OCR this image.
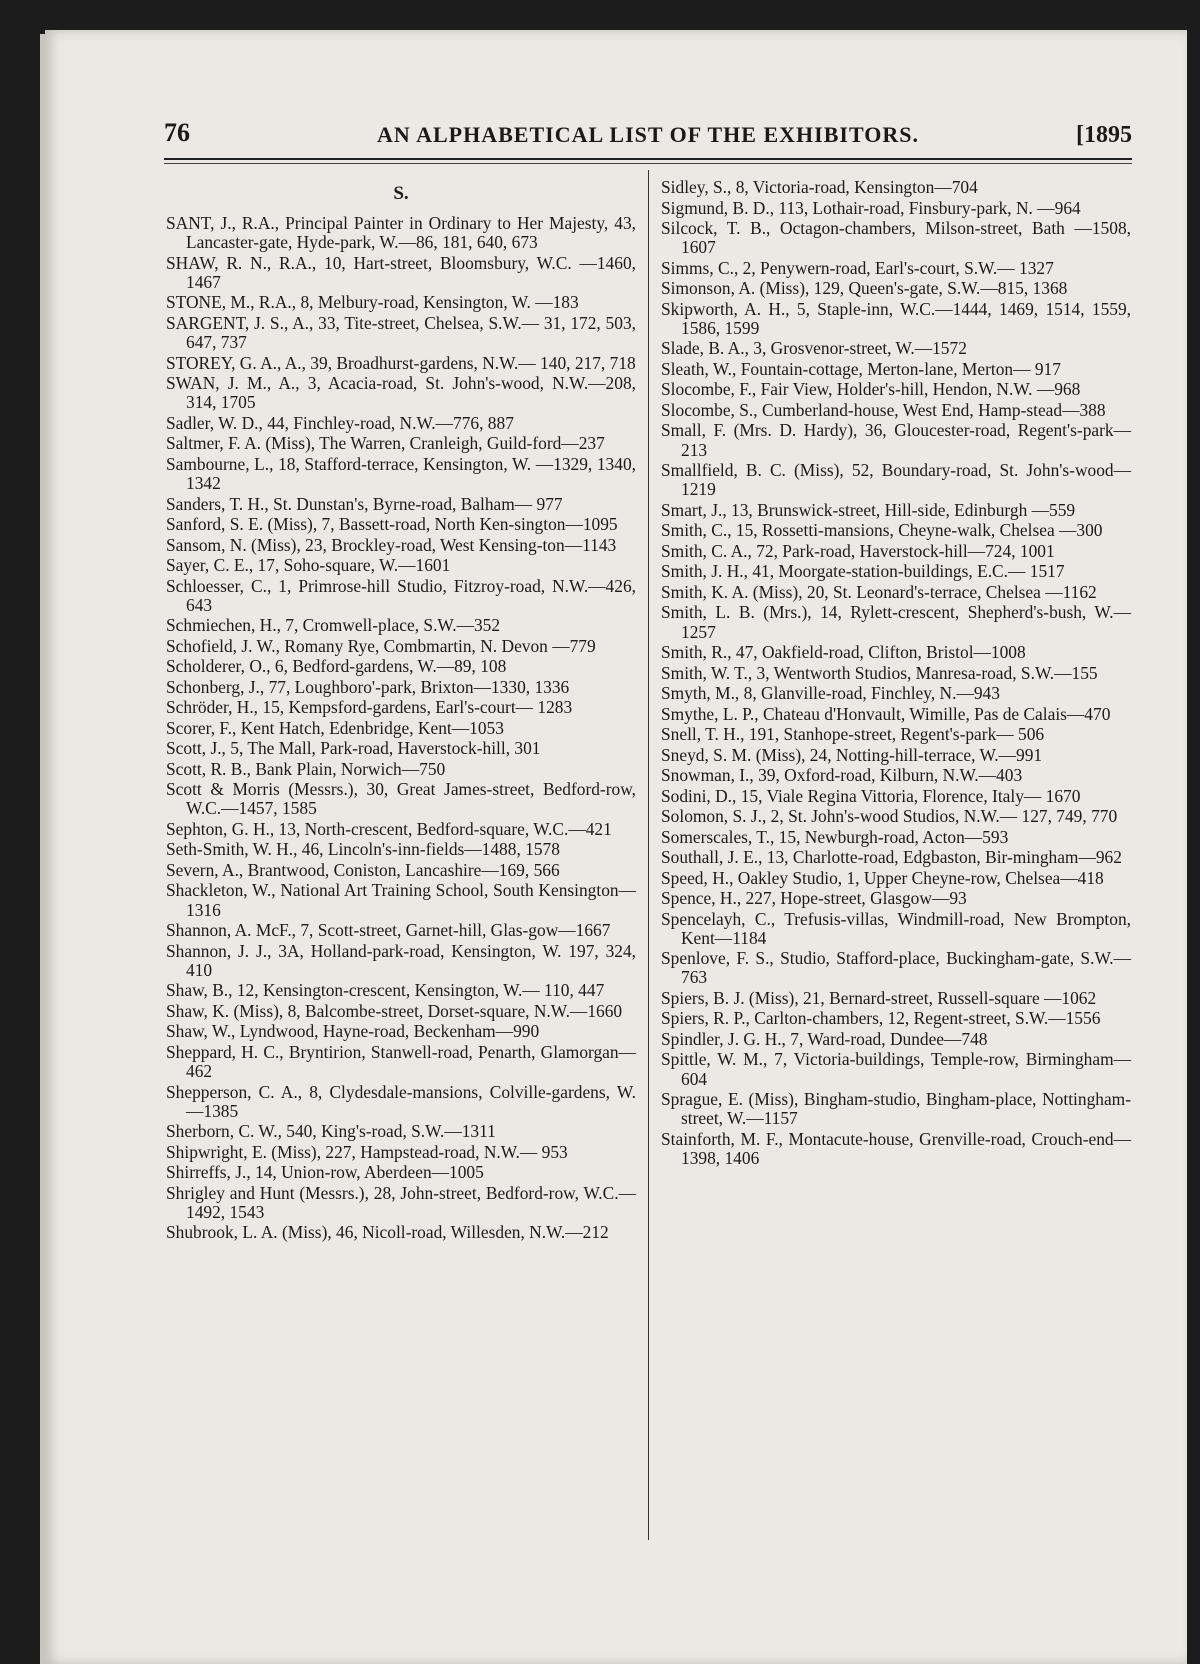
76	AN ALPHABETICAL LIST OF THE EXHIBITORS.	[1895
S.

SANT, J., R.A., Principal Painter in Ordinary to Her Majesty, 43, Lancaster-gate, Hyde-park, W.—86, 181, 640, 673

SHAW, R. N., R.A., 10, Hart-street, Bloomsbury, W.C. —1460, 1467

STONE, M., R.A., 8, Melbury-road, Kensington, W. —183

SARGENT, J. S., A., 33, Tite-street, Chelsea, S.W.— 31, 172, 503, 647, 737

STOREY, G. A., A., 39, Broadhurst-gardens, N.W.— 140, 217, 718

SWAN, J. M., A., 3, Acacia-road, St. John's-wood, N.W.—208, 314, 1705

Sadler, W. D., 44, Finchley-road, N.W.—776, 887

Saltmer, F. A. (Miss), The Warren, Cranleigh, Guild-ford—237

Sambourne, L., 18, Stafford-terrace, Kensington, W. —1329, 1340, 1342

Sanders, T. H., St. Dunstan's, Byrne-road, Balham— 977

Sanford, S. E. (Miss), 7, Bassett-road, North Ken-sington—1095

Sansom, N. (Miss), 23, Brockley-road, West Kensing-ton—1143

Sayer, C. E., 17, Soho-square, W.—1601

Schloesser, C., 1, Primrose-hill Studio, Fitzroy-road, N.W.—426, 643

Schmiechen, H., 7, Cromwell-place, S.W.—352

Schofield, J. W., Romany Rye, Combmartin, N. Devon —779

Scholderer, O., 6, Bedford-gardens, W.—89, 108

Schonberg, J., 77, Loughboro'-park, Brixton—1330, 1336

Schröder, H., 15, Kempsford-gardens, Earl's-court— 1283

Scorer, F., Kent Hatch, Edenbridge, Kent—1053

Scott, J., 5, The Mall, Park-road, Haverstock-hill, 301

Scott, R. B., Bank Plain, Norwich—750

Scott & Morris (Messrs.), 30, Great James-street, Bedford-row, W.C.—1457, 1585

Sephton, G. H., 13, North-crescent, Bedford-square, W.C.—421

Seth-Smith, W. H., 46, Lincoln's-inn-fields—1488, 1578

Severn, A., Brantwood, Coniston, Lancashire—169, 566

Shackleton, W., National Art Training School, South Kensington—1316

Shannon, A. McF., 7, Scott-street, Garnet-hill, Glas-gow—1667

Shannon, J. J., 3A, Holland-park-road, Kensington, W. 197, 324, 410

Shaw, B., 12, Kensington-crescent, Kensington, W.— 110, 447

Shaw, K. (Miss), 8, Balcombe-street, Dorset-square, N.W.—1660

Shaw, W., Lyndwood, Hayne-road, Beckenham—990

Sheppard, H. C., Bryntirion, Stanwell-road, Penarth, Glamorgan—462

Shepperson, C. A., 8, Clydesdale-mansions, Colville-gardens, W.—1385

Sherborn, C. W., 540, King's-road, S.W.—1311

Shipwright, E. (Miss), 227, Hampstead-road, N.W.— 953

Shirreffs, J., 14, Union-row, Aberdeen—1005

Shrigley and Hunt (Messrs.), 28, John-street, Bedford-row, W.C.—1492, 1543

Shubrook, L. A. (Miss), 46, Nicoll-road, Willesden, N.W.—212

Sidley, S., 8, Victoria-road, Kensington—704

Sigmund, B. D., 113, Lothair-road, Finsbury-park, N. —964

Silcock, T. B., Octagon-chambers, Milson-street, Bath —1508, 1607

Simms, C., 2, Penywern-road, Earl's-court, S.W.— 1327

Simonson, A. (Miss), 129, Queen's-gate, S.W.—815, 1368

Skipworth, A. H., 5, Staple-inn, W.C.—1444, 1469, 1514, 1559, 1586, 1599

Slade, B. A., 3, Grosvenor-street, W.—1572

Sleath, W., Fountain-cottage, Merton-lane, Merton— 917

Slocombe, F., Fair View, Holder's-hill, Hendon, N.W. —968

Slocombe, S., Cumberland-house, West End, Hamp-stead—388

Small, F. (Mrs. D. Hardy), 36, Gloucester-road, Regent's-park—213

Smallfield, B. C. (Miss), 52, Boundary-road, St. John's-wood—1219

Smart, J., 13, Brunswick-street, Hill-side, Edinburgh —559

Smith, C., 15, Rossetti-mansions, Cheyne-walk, Chelsea —300

Smith, C. A., 72, Park-road, Haverstock-hill—724, 1001

Smith, J. H., 41, Moorgate-station-buildings, E.C.— 1517

Smith, K. A. (Miss), 20, St. Leonard's-terrace, Chelsea —1162

Smith, L. B. (Mrs.), 14, Rylett-crescent, Shepherd's-bush, W.—1257

Smith, R., 47, Oakfield-road, Clifton, Bristol—1008

Smith, W. T., 3, Wentworth Studios, Manresa-road, S.W.—155

Smyth, M., 8, Glanville-road, Finchley, N.—943

Smythe, L. P., Chateau d'Honvault, Wimille, Pas de Calais—470

Snell, T. H., 191, Stanhope-street, Regent's-park— 506

Sneyd, S. M. (Miss), 24, Notting-hill-terrace, W.—991

Snowman, I., 39, Oxford-road, Kilburn, N.W.—403

Sodini, D., 15, Viale Regina Vittoria, Florence, Italy— 1670

Solomon, S. J., 2, St. John's-wood Studios, N.W.— 127, 749, 770

Somerscales, T., 15, Newburgh-road, Acton—593

Southall, J. E., 13, Charlotte-road, Edgbaston, Bir-mingham—962

Speed, H., Oakley Studio, 1, Upper Cheyne-row, Chelsea—418

Spence, H., 227, Hope-street, Glasgow—93

Spencelayh, C., Trefusis-villas, Windmill-road, New Brompton, Kent—1184

Spenlove, F. S., Studio, Stafford-place, Buckingham-gate, S.W.—763

Spiers, B. J. (Miss), 21, Bernard-street, Russell-square —1062

Spiers, R. P., Carlton-chambers, 12, Regent-street, S.W.—1556

Spindler, J. G. H., 7, Ward-road, Dundee—748

Spittle, W. M., 7, Victoria-buildings, Temple-row, Birmingham—604

Sprague, E. (Miss), Bingham-studio, Bingham-place, Nottingham-street, W.—1157

Stainforth, M. F., Montacute-house, Grenville-road, Crouch-end—1398, 1406
